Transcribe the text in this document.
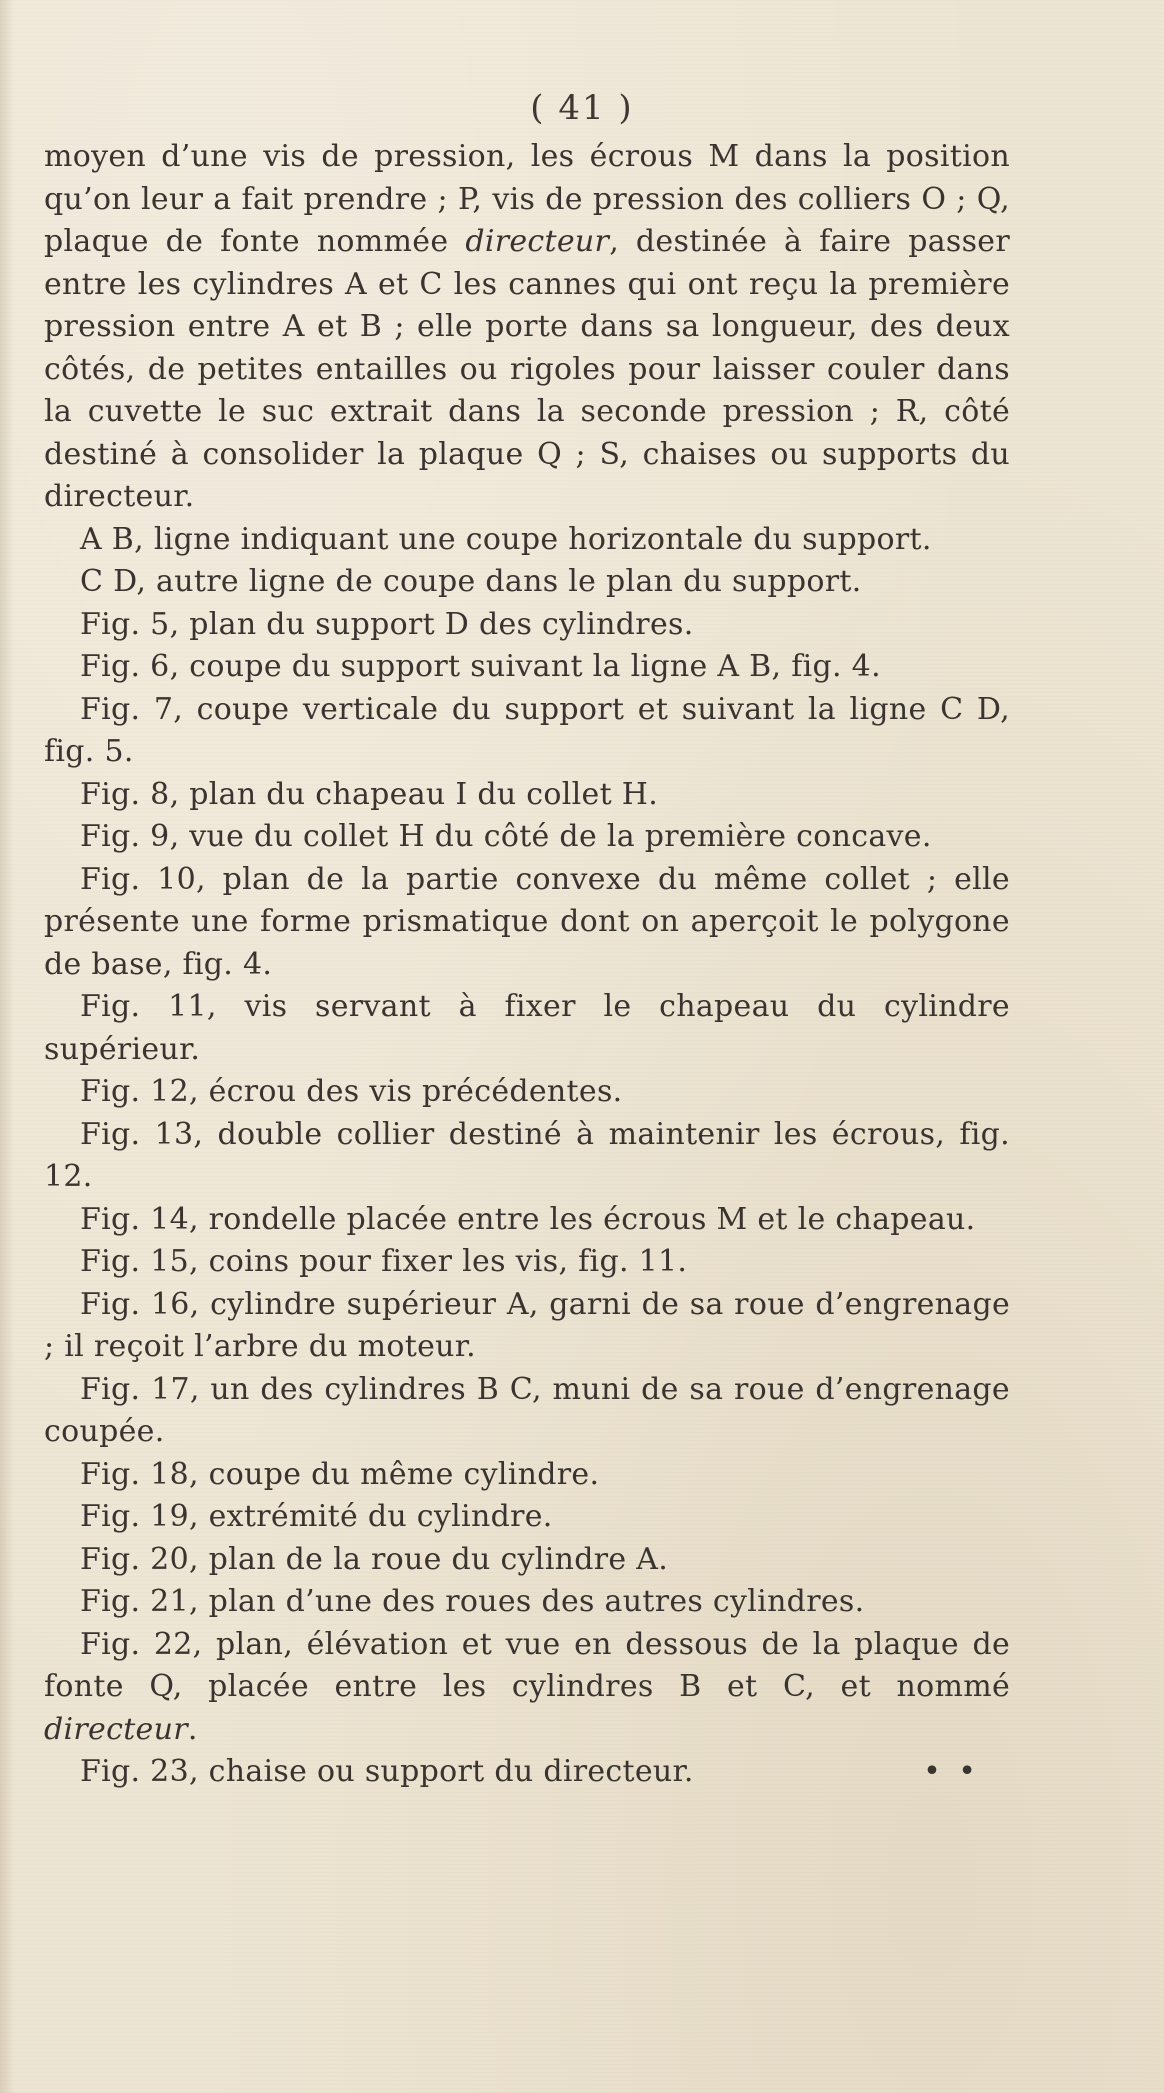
( 41 )

moyen d’une vis de pression, les écrous M dans la position qu’on leur a fait prendre ; P, vis de pression des colliers O ; Q, plaque de fonte nommée directeur, destinée à faire passer entre les cylindres A et C les cannes qui ont reçu la première pression entre A et B ; elle porte dans sa longueur, des deux côtés, de petites entailles ou rigoles pour laisser couler dans la cuvette le suc extrait dans la seconde pression ; R, côté destiné à consolider la plaque Q ; S, chaises ou supports du directeur.

A B, ligne indiquant une coupe horizontale du support.

C D, autre ligne de coupe dans le plan du support.

Fig. 5, plan du support D des cylindres.

Fig. 6, coupe du support suivant la ligne A B, fig. 4.

Fig. 7, coupe verticale du support et suivant la ligne C D, fig. 5.

Fig. 8, plan du chapeau I du collet H.

Fig. 9, vue du collet H du côté de la première concave.

Fig. 10, plan de la partie convexe du même collet ; elle présente une forme prismatique dont on aperçoit le polygone de base, fig. 4.

Fig. 11, vis servant à fixer le chapeau du cylindre supérieur.

Fig. 12, écrou des vis précédentes.

Fig. 13, double collier destiné à maintenir les écrous, fig. 12.

Fig. 14, rondelle placée entre les écrous M et le chapeau.

Fig. 15, coins pour fixer les vis, fig. 11.

Fig. 16, cylindre supérieur A, garni de sa roue d’engrenage ; il reçoit l’arbre du moteur.

Fig. 17, un des cylindres B C, muni de sa roue d’engrenage coupée.

Fig. 18, coupe du même cylindre.

Fig. 19, extrémité du cylindre.

Fig. 20, plan de la roue du cylindre A.

Fig. 21, plan d’une des roues des autres cylindres.

Fig. 22, plan, élévation et vue en dessous de la plaque de fonte Q, placée entre les cylindres B et C, et nommé directeur.

Fig. 23, chaise ou support du directeur.	• •
